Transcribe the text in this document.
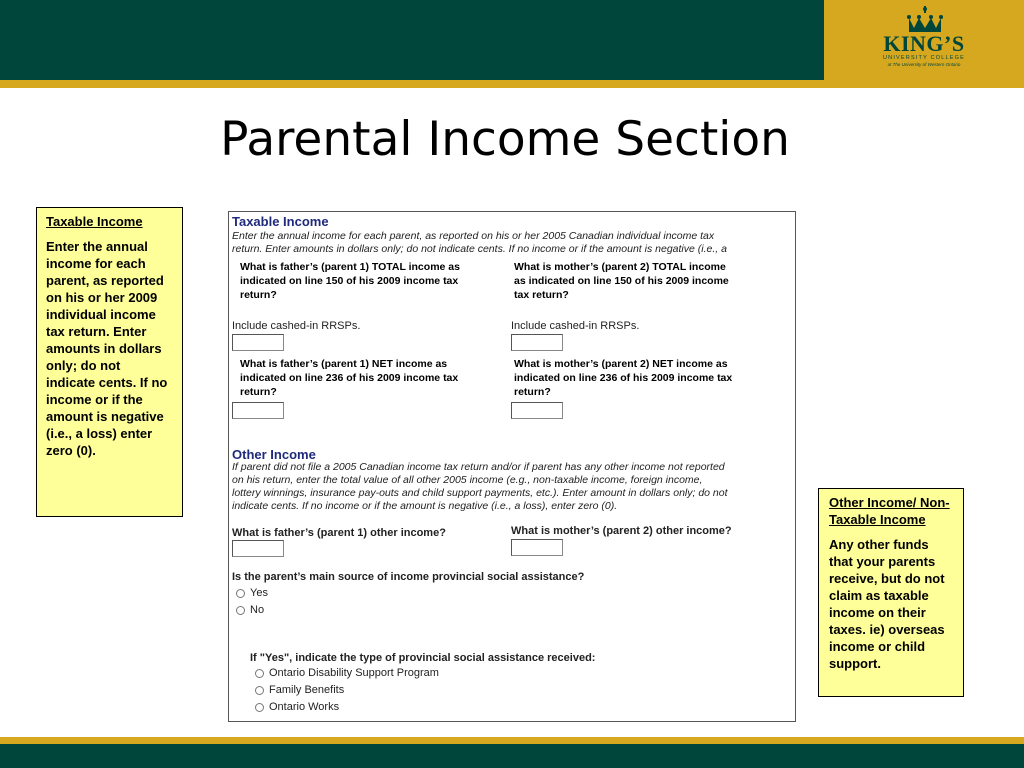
KING’S
UNIVERSITY COLLEGE
at The University of Western Ontario
Parental Income Section
Taxable Income
Enter the annual income for each parent, as reported on his or her 2009 individual income tax return. Enter amounts in dollars only; do not indicate cents. If no income or if the amount is negative (i.e., a loss) enter zero (0).
Other Income/ Non- Taxable Income
Any other funds that your parents receive, but do not claim as taxable income on their taxes. ie) overseas income or child support.
Taxable Income
Enter the annual income for each parent, as reported on his or her 2005 Canadian individual income tax
return. Enter amounts in dollars only; do not indicate cents. If no income or if the amount is negative (i.e., a
What is father’s (parent 1) TOTAL income as indicated on line 150 of his 2009 income tax return?
What is mother’s (parent 2) TOTAL income as indicated on line 150 of his 2009 income tax return?
Include cashed-in RRSPs.	Include cashed-in RRSPs.
What is father’s (parent 1) NET income as indicated on line 236 of his 2009 income tax return?
What is mother’s (parent 2) NET income as indicated on line 236 of his 2009 income tax return?
Other Income
If parent did not file a 2005 Canadian income tax return and/or if parent has any other income not reported
on his return, enter the total value of all other 2005 income (e.g., non-taxable income, foreign income,
lottery winnings, insurance pay-outs and child support payments, etc.). Enter amount in dollars only; do not
indicate cents. If no income or if the amount is negative (i.e., a loss), enter zero (0).
What is father’s (parent 1) other income?	What is mother’s (parent 2) other income?
Is the parent’s main source of income provincial social assistance?
Yes
No
If "Yes", indicate the type of provincial social assistance received:
Ontario Disability Support Program
Family Benefits
Ontario Works
